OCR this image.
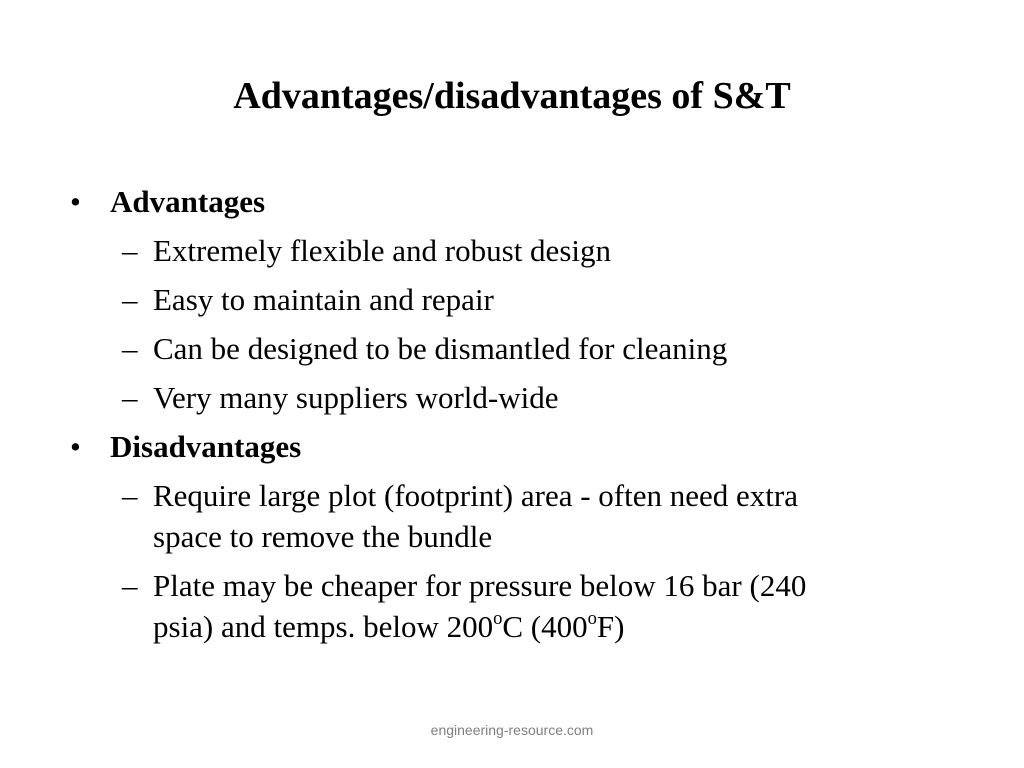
Advantages/disadvantages of S&T
• Advantages
– Extremely flexible and robust design
– Easy to maintain and repair
– Can be designed to be dismantled for cleaning
– Very many suppliers world-wide
• Disadvantages
– Require large plot (footprint) area - often need extra space to remove the bundle
– Plate may be cheaper for pressure below 16 bar (240 psia) and temps. below 200$^o$C (400$^o$F)
engineering-resource.com
